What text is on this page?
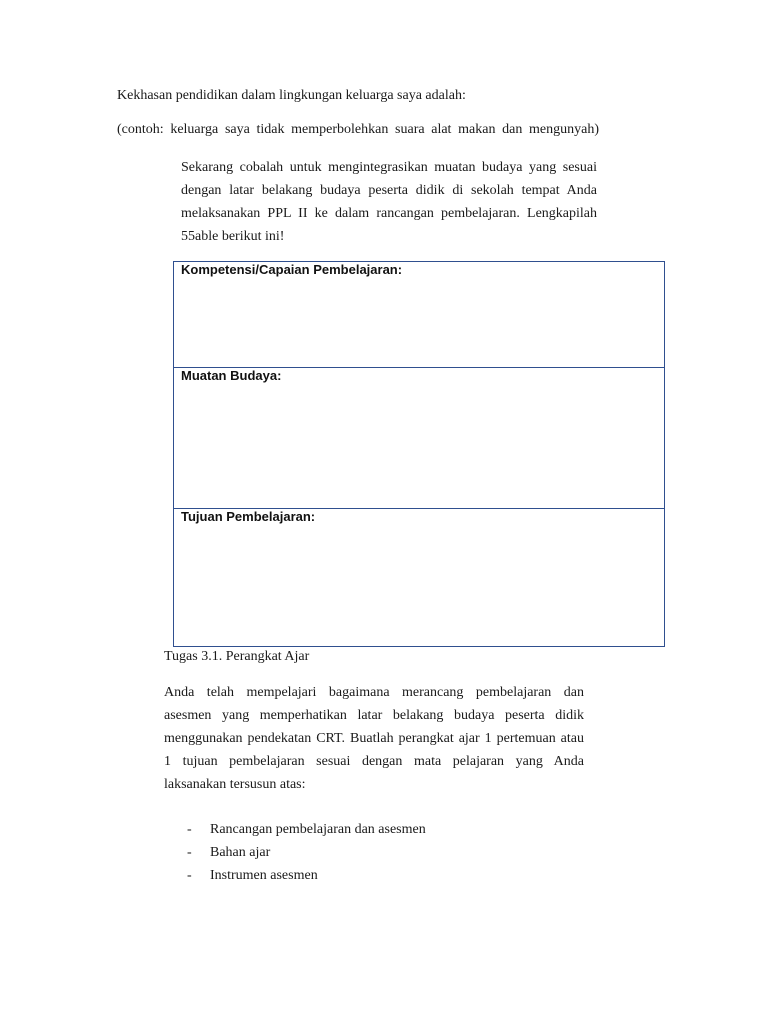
Kekhasan pendidikan dalam lingkungan keluarga saya adalah:
(contoh: keluarga saya tidak memperbolehkan suara alat makan dan mengunyah)
Sekarang cobalah untuk mengintegrasikan muatan budaya yang sesuai
dengan latar belakang budaya peserta didik di sekolah tempat Anda
melaksanakan PPL II ke dalam rancangan pembelajaran. Lengkapilah
55able berikut ini!
Kompetensi/Capaian Pembelajaran:
Muatan Budaya:
Tujuan Pembelajaran:
Tugas 3.1. Perangkat Ajar
Anda telah mempelajari bagaimana merancang pembelajaran dan
asesmen yang memperhatikan latar belakang budaya peserta didik
menggunakan pendekatan CRT. Buatlah perangkat ajar 1 pertemuan atau
1 tujuan pembelajaran sesuai dengan mata pelajaran yang Anda
laksanakan tersusun atas:
- Rancangan pembelajaran dan asesmen
- Bahan ajar
- Instrumen asesmen
